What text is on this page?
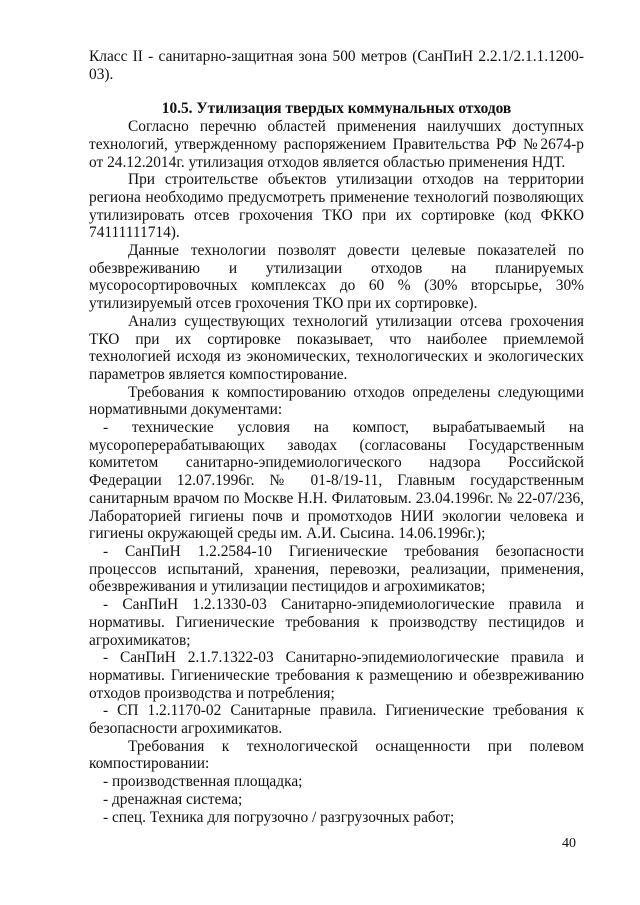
Класс II - санитарно-защитная зона 500 метров (СанПиН 2.2.1/2.1.1.1200-03).

10.5. Утилизация твердых коммунальных отходов

Согласно перечню областей применения наилучших доступных технологий, утвержденному распоряжением Правительства РФ №2674-р от 24.12.2014г. утилизация отходов является областью применения НДТ.

При строительстве объектов утилизации отходов на территории региона необходимо предусмотреть применение технологий позволяющих утилизировать отсев грохочения ТКО при их сортировке (код ФККО 74111111714).

Данные технологии позволят довести целевые показателей по обезвреживанию и утилизации отходов на планируемых мусоросортировочных комплексах до 60 % (30% вторсырье, 30% утилизируемый отсев грохочения ТКО при их сортировке).

Анализ существующих технологий утилизации отсева грохочения ТКО при их сортировке показывает, что наиболее приемлемой технологией исходя из экономических, технологических и экологических параметров является компостирование.

Требования к компостированию отходов определены следующими нормативными документами:

- технические условия на компост, вырабатываемый на мусороперерабатывающих заводах (согласованы Государственным комитетом санитарно-эпидемиологического надзора Российской Федерации 12.07.1996г. № 01-8/19-11, Главным государственным санитарным врачом по Москве Н.Н. Филатовым. 23.04.1996г. № 22-07/236, Лабораторией гигиены почв и промотходов НИИ экологии человека и гигиены окружающей среды им. А.И. Сысина. 14.06.1996г.);

- СанПиН 1.2.2584-10 Гигиенические требования безопасности процессов испытаний, хранения, перевозки, реализации, применения, обезвреживания и утилизации пестицидов и агрохимикатов;

- СанПиН 1.2.1330-03 Санитарно-эпидемиологические правила и нормативы. Гигиенические требования к производству пестицидов и агрохимикатов;

- СанПиН 2.1.7.1322-03 Санитарно-эпидемиологические правила и нормативы. Гигиенические требования к размещению и обезвреживанию отходов производства и потребления;

- СП 1.2.1170-02 Санитарные правила. Гигиенические требования к безопасности агрохимикатов.

Требования к технологической оснащенности при полевом компостировании:

- производственная площадка;

- дренажная система;

- спец. Техника для погрузочно / разгрузочных работ;

40
